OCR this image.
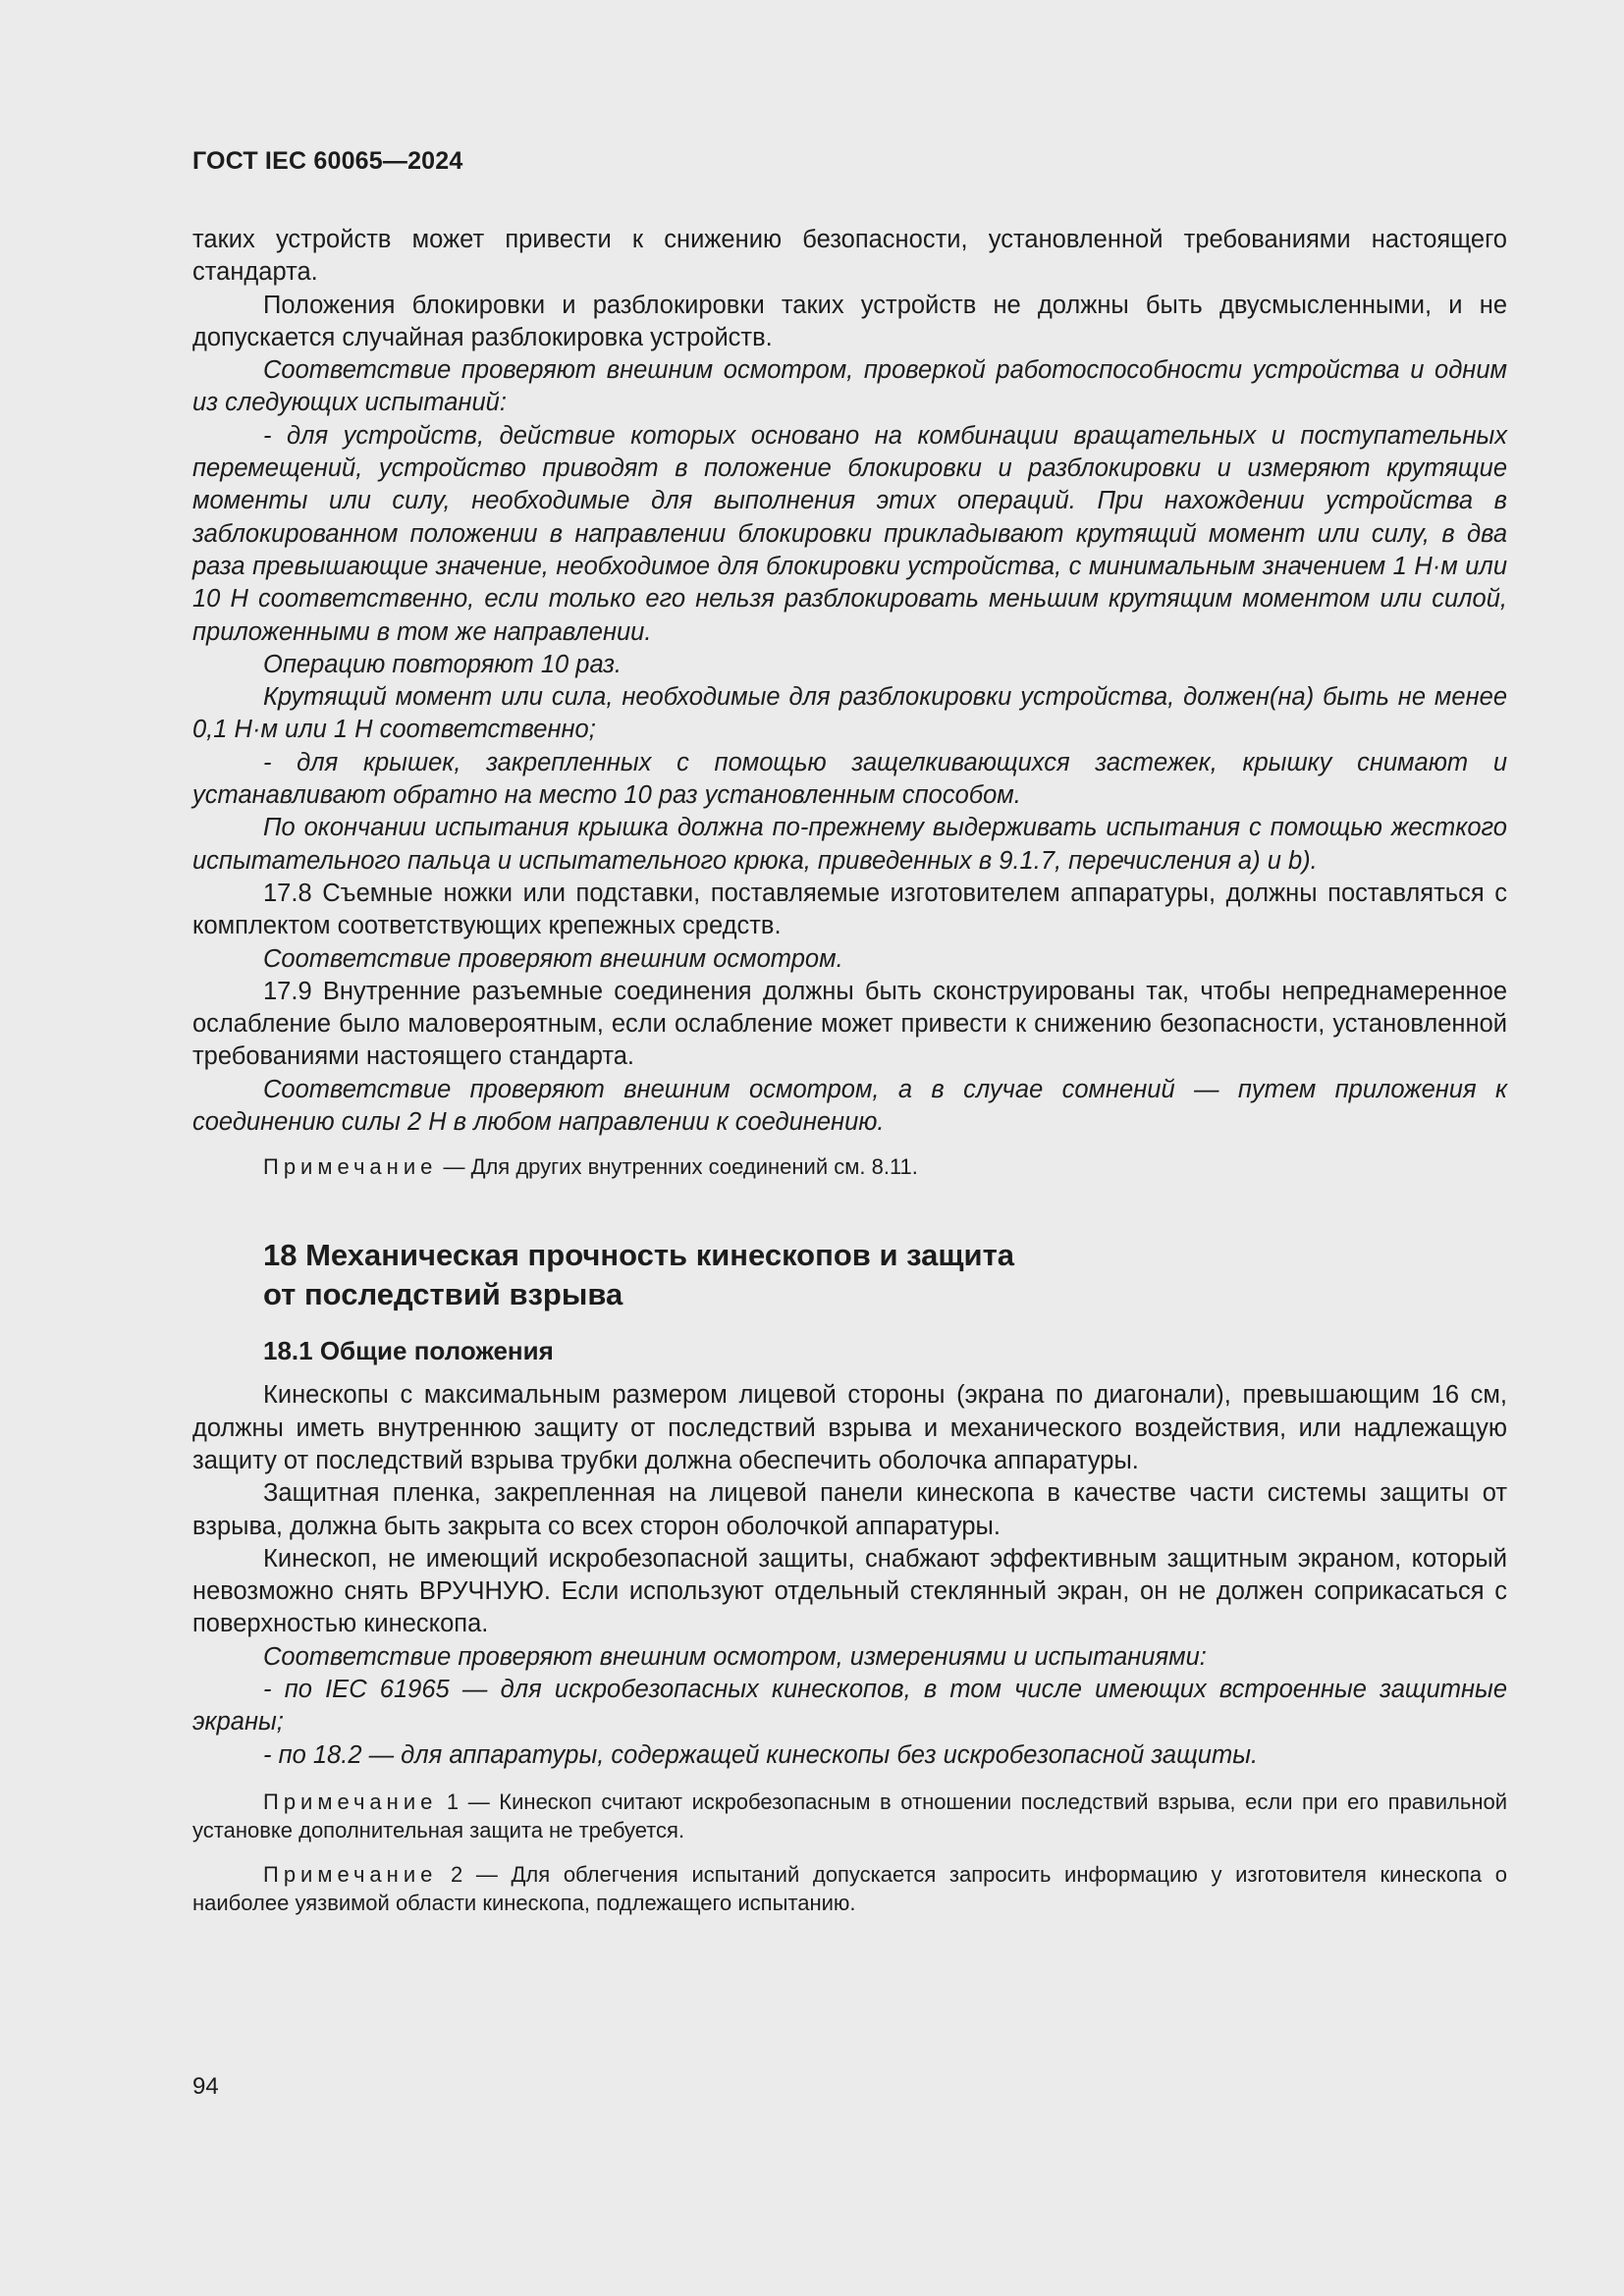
ГОСТ IEC 60065—2024

таких устройств может привести к снижению безопасности, установленной требованиями настоящего стандарта.

Положения блокировки и разблокировки таких устройств не должны быть двусмысленными, и не допускается случайная разблокировка устройств.

Соответствие проверяют внешним осмотром, проверкой работоспособности устройства и одним из следующих испытаний:

- для устройств, действие которых основано на комбинации вращательных и поступательных перемещений, устройство приводят в положение блокировки и разблокировки и измеряют крутящие моменты или силу, необходимые для выполнения этих операций. При нахождении устройства в заблокированном положении в направлении блокировки прикладывают крутящий момент или силу, в два раза превышающие значение, необходимое для блокировки устройства, с минимальным значением 1 Н·м или 10 Н соответственно, если только его нельзя разблокировать меньшим крутящим моментом или силой, приложенными в том же направлении.

Операцию повторяют 10 раз.

Крутящий момент или сила, необходимые для разблокировки устройства, должен(на) быть не менее 0,1 Н·м или 1 Н соответственно;

- для крышек, закрепленных с помощью защелкивающихся застежек, крышку снимают и устанавливают обратно на место 10 раз установленным способом.

По окончании испытания крышка должна по-прежнему выдерживать испытания с помощью жесткого испытательного пальца и испытательного крюка, приведенных в 9.1.7, перечисления a) и b).

17.8 Съемные ножки или подставки, поставляемые изготовителем аппаратуры, должны поставляться с комплектом соответствующих крепежных средств.

Соответствие проверяют внешним осмотром.

17.9 Внутренние разъемные соединения должны быть сконструированы так, чтобы непреднамеренное ослабление было маловероятным, если ослабление может привести к снижению безопасности, установленной требованиями настоящего стандарта.

Соответствие проверяют внешним осмотром, а в случае сомнений — путем приложения к соединению силы 2 Н в любом направлении к соединению.

Примечание — Для других внутренних соединений см. 8.11.

18 Механическая прочность кинескопов и защита
от последствий взрыва
18.1 Общие положения

Кинескопы с максимальным размером лицевой стороны (экрана по диагонали), превышающим 16 см, должны иметь внутреннюю защиту от последствий взрыва и механического воздействия, или надлежащую защиту от последствий взрыва трубки должна обеспечить оболочка аппаратуры.

Защитная пленка, закрепленная на лицевой панели кинескопа в качестве части системы защиты от взрыва, должна быть закрыта со всех сторон оболочкой аппаратуры.

Кинескоп, не имеющий искробезопасной защиты, снабжают эффективным защитным экраном, который невозможно снять ВРУЧНУЮ. Если используют отдельный стеклянный экран, он не должен соприкасаться с поверхностью кинескопа.

Соответствие проверяют внешним осмотром, измерениями и испытаниями:

- по IEC 61965 — для искробезопасных кинескопов, в том числе имеющих встроенные защитные экраны;

- по 18.2 — для аппаратуры, содержащей кинескопы без искробезопасной защиты.

Примечание 1 — Кинескоп считают искробезопасным в отношении последствий взрыва, если при его правильной установке дополнительная защита не требуется.

Примечание 2 — Для облегчения испытаний допускается запросить информацию у изготовителя кинескопа о наиболее уязвимой области кинескопа, подлежащего испытанию.

94
